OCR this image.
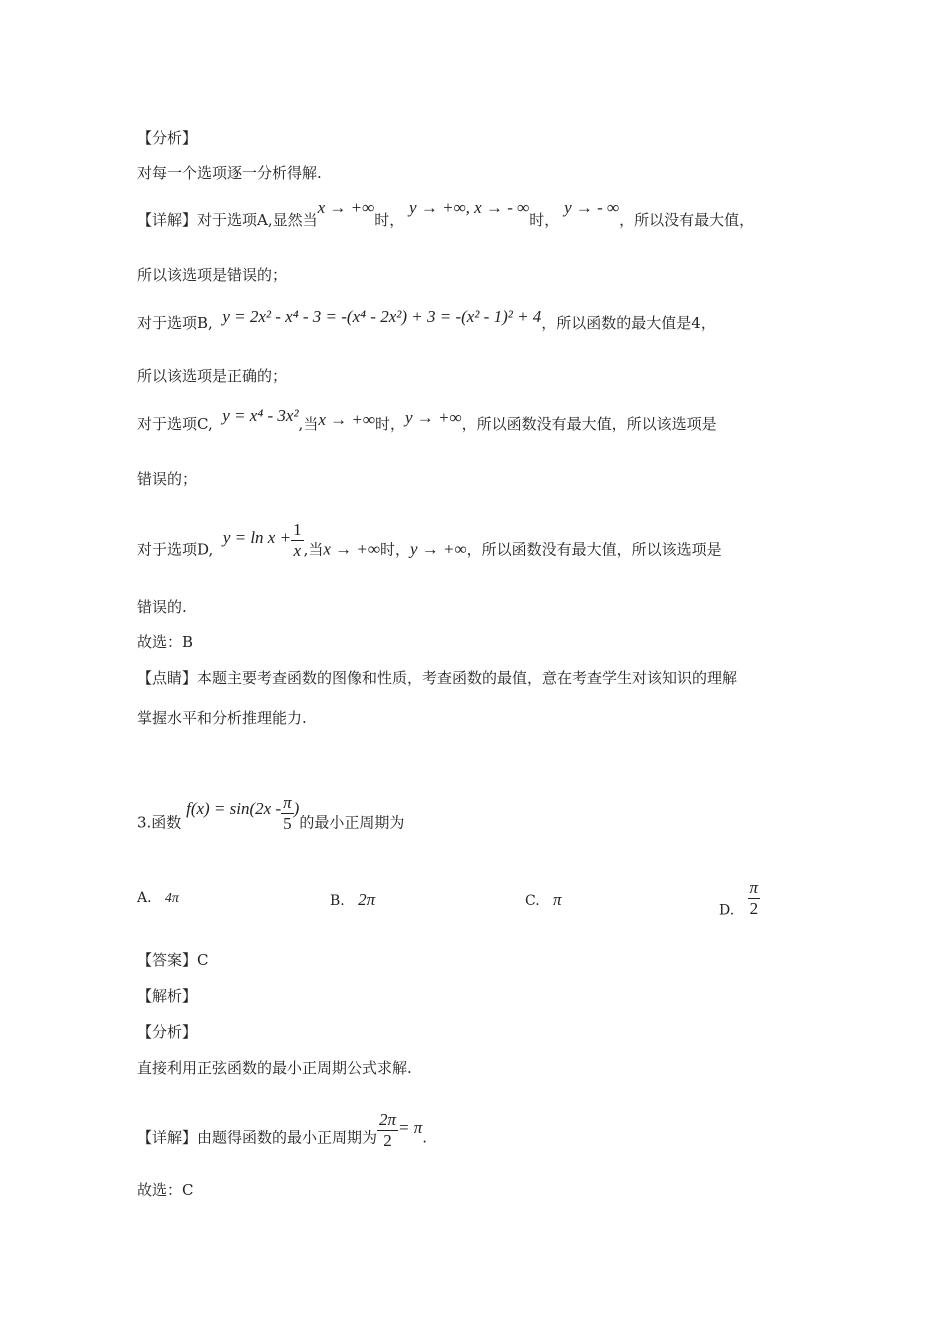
【分析】
对每一个选项逐一分析得解.
【详解】对于选项A,显然当x → +∞时， y → +∞, x → - ∞时， y → - ∞，所以没有最大值，
所以该选项是错误的；
对于选项B, y = 2x² - x⁴ - 3 = -(x⁴ - 2x²) + 3 = -(x² - 1)² + 4，所以函数的最大值是4，
所以该选项是正确的；
对于选项C, y = x⁴ - 3x²,当x → +∞时，y → +∞，所以函数没有最大值，所以该选项是
错误的；
对于选项D,  $y = \ln x + \frac{1}{x}$ ,当x → +∞时，y → +∞，所以函数没有最大值，所以该选项是
错误的.
故选：B
【点睛】本题主要考查函数的图像和性质，考查函数的最值，意在考查学生对该知识的理解
掌握水平和分析推理能力.
3.函数 $f(x) = \sin(2x - \frac{\pi}{5}$ )的最小正周期为
A. 4π	B. 2π	C. π
D. $\frac{\pi}{2}$
【答案】C
【解析】
【分析】
直接利用正弦函数的最小正周期公式求解.
【详解】由题得函数的最小正周期为 $\frac{2\pi}{2} = \pi$.
故选：C
